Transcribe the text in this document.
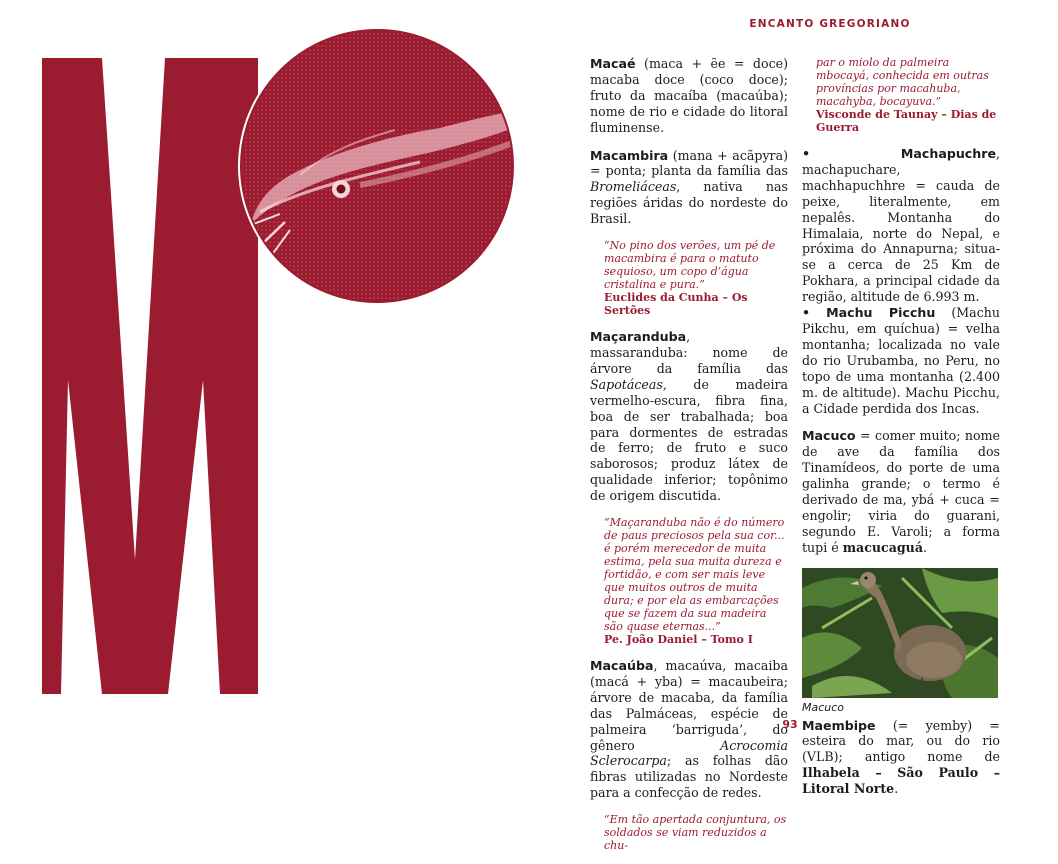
ENCANTO GREGORIANO

Macaé (maca + ẽe = doce) macaba doce (coco doce); fruto da macaíba (macaúba); nome de rio e cidade do litoral fluminense.

Macambira (mana + acãpyra) = ponta; planta da família das Bromeliáceas, nativa nas regiões áridas do nordeste do Brasil.

“No pino dos verões, um pé de macambira é para o matuto sequioso, um copo d’água cristalina e pura.”
Euclides da Cunha – Os Sertões

Maçaranduba, massaranduba: nome de árvore da família das Sapotáceas, de madeira vermelho-escura, fibra fina, boa de ser trabalhada; boa para dormentes de estradas de ferro; de fruto e suco saborosos; produz látex de qualidade inferior; topônimo de origem discutida.

“Maçaranduba não é do número de paus preciosos pela sua cor... é porém merecedor de muita estima, pela sua muita dureza e fortidão, e com ser mais leve que muitos outros de muita dura; e por ela as embarcações que se fazem da sua madeira são quase eternas...”
Pe. João Daniel – Tomo I

Macaúba, macaúva, macaiba (macá + yba) = macaubeira; árvore de macaba, da família das Palmáceas, espécie de palmeira ‘barriguda’, do gênero Acrocomia Sclerocarpa; as folhas dão fibras utilizadas no Nordeste para a confecção de redes.

“Em tão apertada conjuntura, os soldados se viam reduzidos a chu-
par o miolo da palmeira mbocayá, conhecida em outras províncias por macahuba, macahyba, bocayuva.”
Visconde de Taunay – Dias de Guerra

•	Machapuchre, machapuchare, machhapuchhre = cauda de peixe, literalmente, em nepalês. Montanha do Himalaia, norte do Nepal, e próxima do Annapurna; situa-se a cerca de 25 Km de Pokhara, a principal cidade da região, altitude de 6.993 m.

• Machu Picchu (Machu Pikchu, em quíchua) = velha montanha; localizada no vale do rio Urubamba, no Peru, no topo de uma montanha (2.400 m. de altitude). Machu Picchu, a Cidade perdida dos Incas.

Macuco = comer muito; nome de ave da família dos Tinamídeos, do porte de uma galinha grande; o termo é derivado de ma, ybá + cuca = engolir; viria do guarani, segundo E. Varoli; a forma tupi é macucaguá.

Macuco

Maembipe (= yemby) = esteira do mar, ou do rio (VLB); antigo nome de Ilhabela – São Paulo – Litoral Norte.

93
